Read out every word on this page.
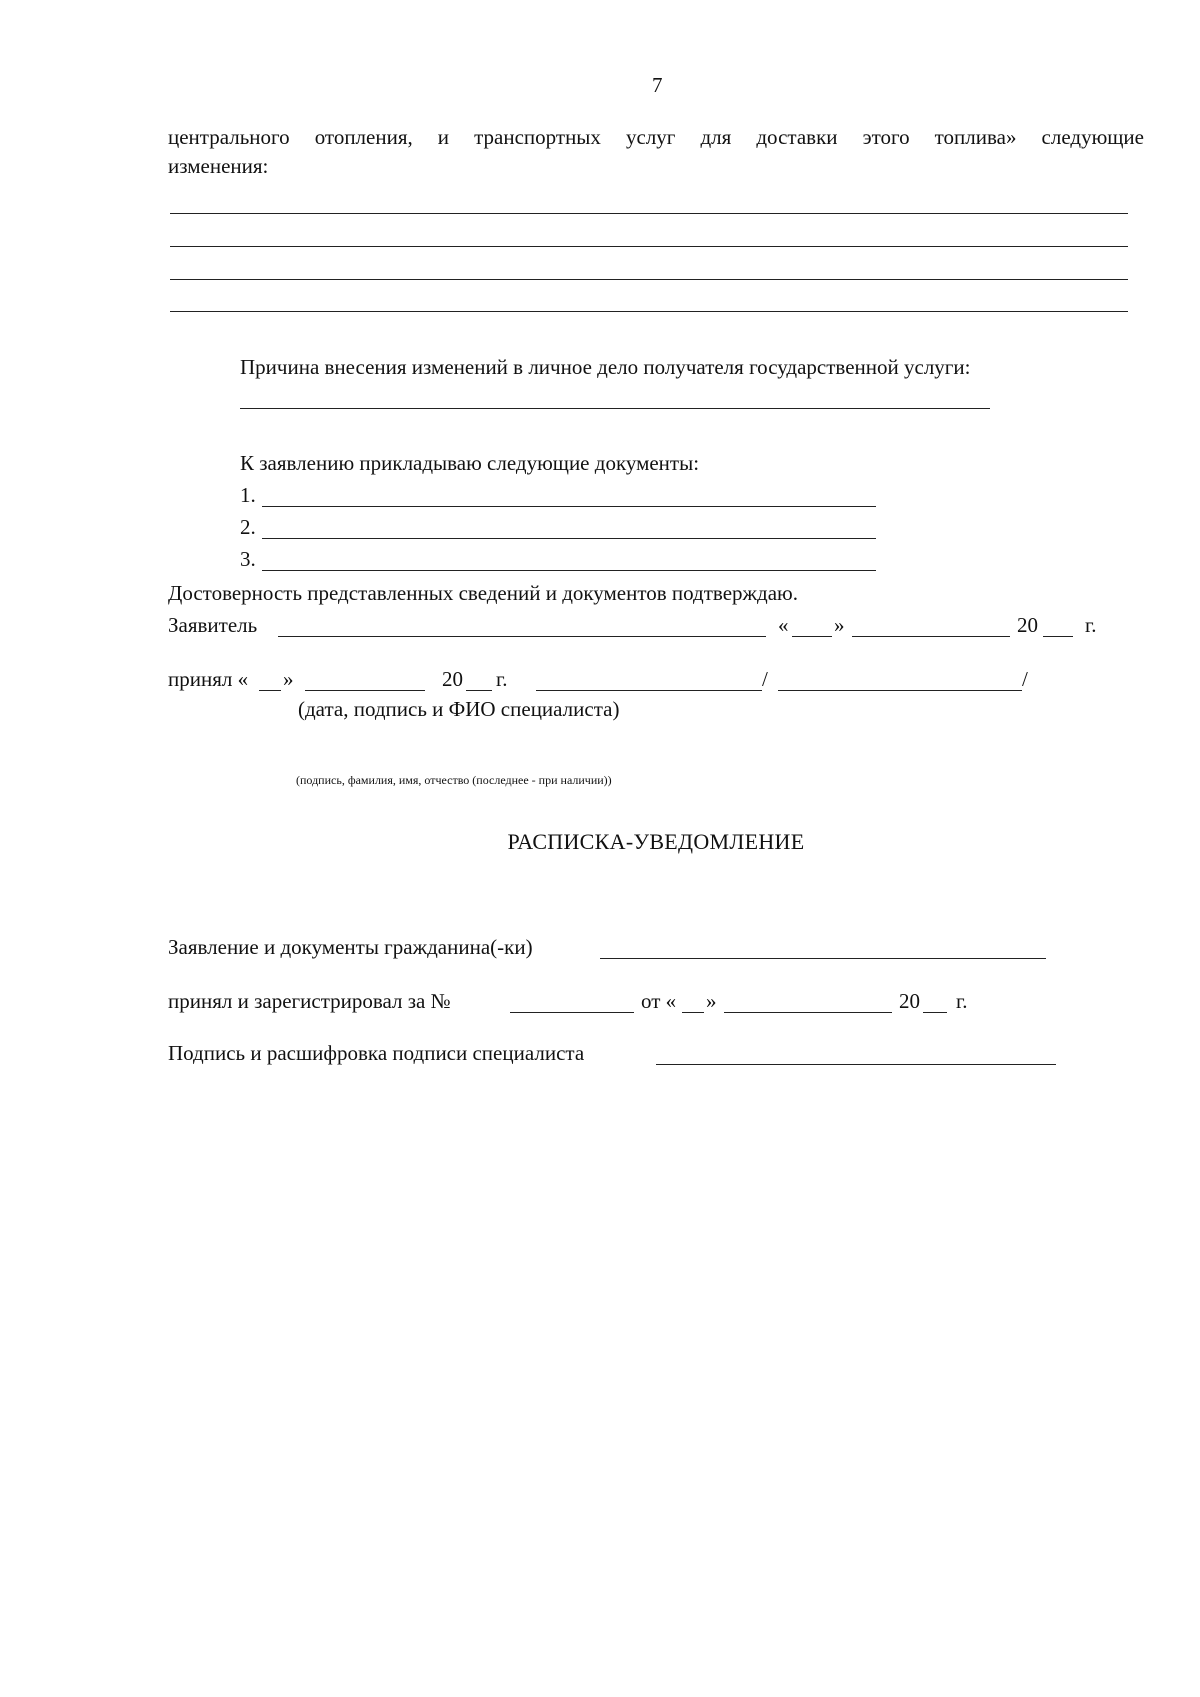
7
центрального отопления, и транспортных услуг для доставки этого топлива» следующие
изменения:
Причина внесения изменений в личное дело получателя государственной услуги:
К заявлению прикладываю следующие документы:
1.
2.
3.
Достоверность представленных сведений и документов подтверждаю.
Заявитель	« »	20 г.
принял « »	20 г.	/	/
(дата, подпись и ФИО специалиста)
(подпись, фамилия, имя, отчество (последнее - при наличии))
РАСПИСКА-УВЕДОМЛЕНИЕ
Заявление и документы гражданина(-ки)
принял и зарегистрировал за №	от « »	20 г.
Подпись и расшифровка подписи специалиста
